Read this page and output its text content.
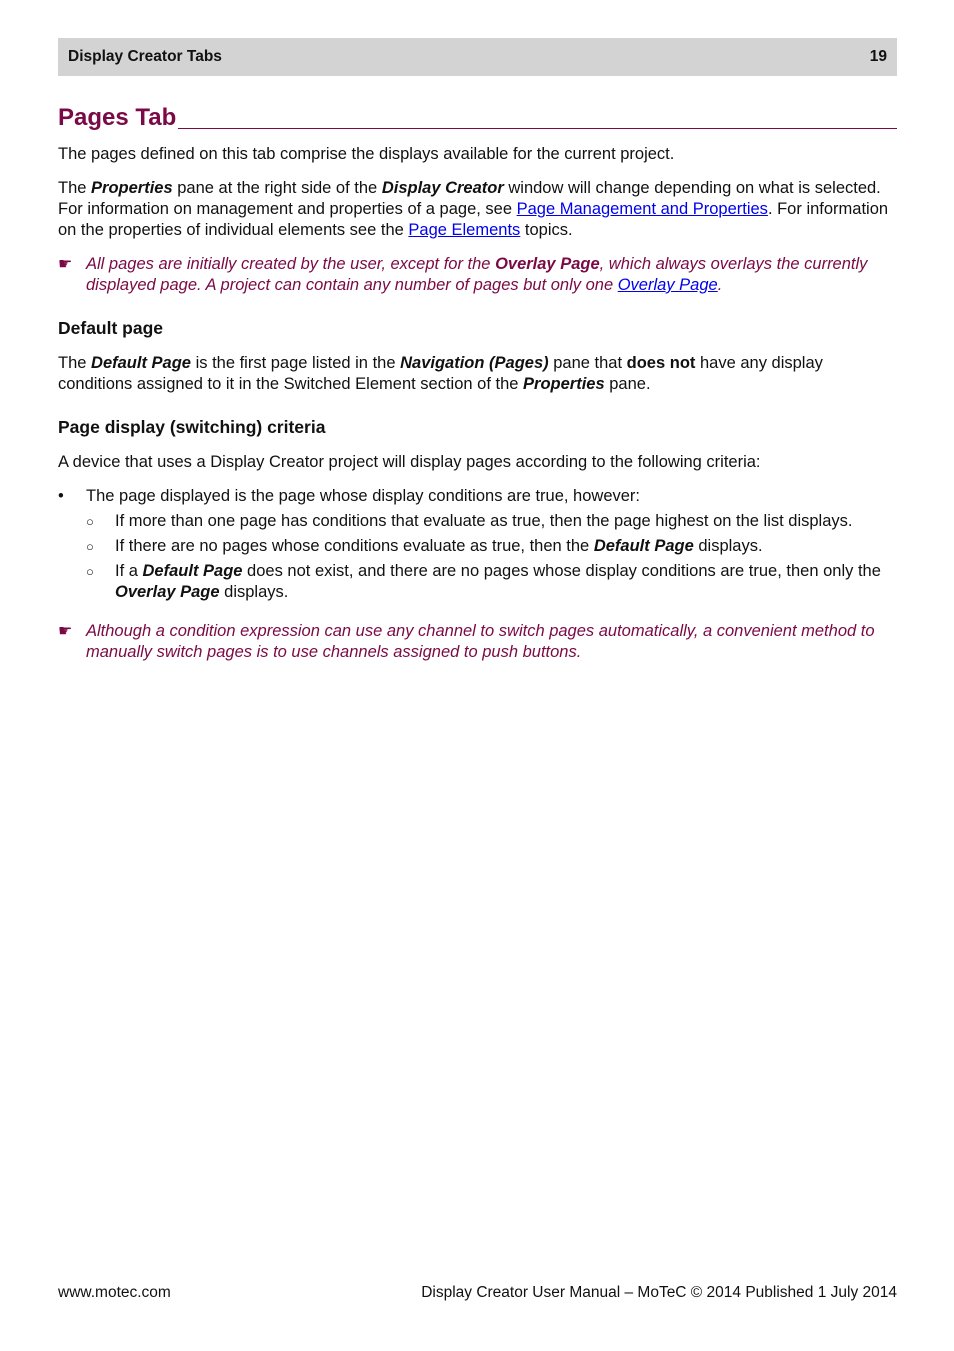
Display Creator Tabs	19
Pages Tab

The pages defined on this tab comprise the displays available for the current project.

The Properties pane at the right side of the Display Creator window will change depending on what is selected. For information on management and properties of a page, see Page Management and Properties. For information on the properties of individual elements see the Page Elements topics.

☛ All pages are initially created by the user, except for the Overlay Page, which always overlays the currently displayed page. A project can contain any number of pages but only one Overlay Page.
Default page

The Default Page is the first page listed in the Navigation (Pages) pane that does not have any display conditions assigned to it in the Switched Element section of the Properties pane.

Page display (switching) criteria

A device that uses a Display Creator project will display pages according to the following criteria:

•	The page displayed is the page whose display conditions are true, however:
○	If more than one page has conditions that evaluate as true, then the page highest on the list displays.
○	If there are no pages whose conditions evaluate as true, then the Default Page displays.
○	If a Default Page does not exist, and there are no pages whose display conditions are true, then only the Overlay Page displays.
☛ Although a condition expression can use any channel to switch pages automatically, a convenient method to manually switch pages is to use channels assigned to push buttons.
www.motec.com	Display Creator User Manual – MoTeC © 2014 Published 1 July 2014
